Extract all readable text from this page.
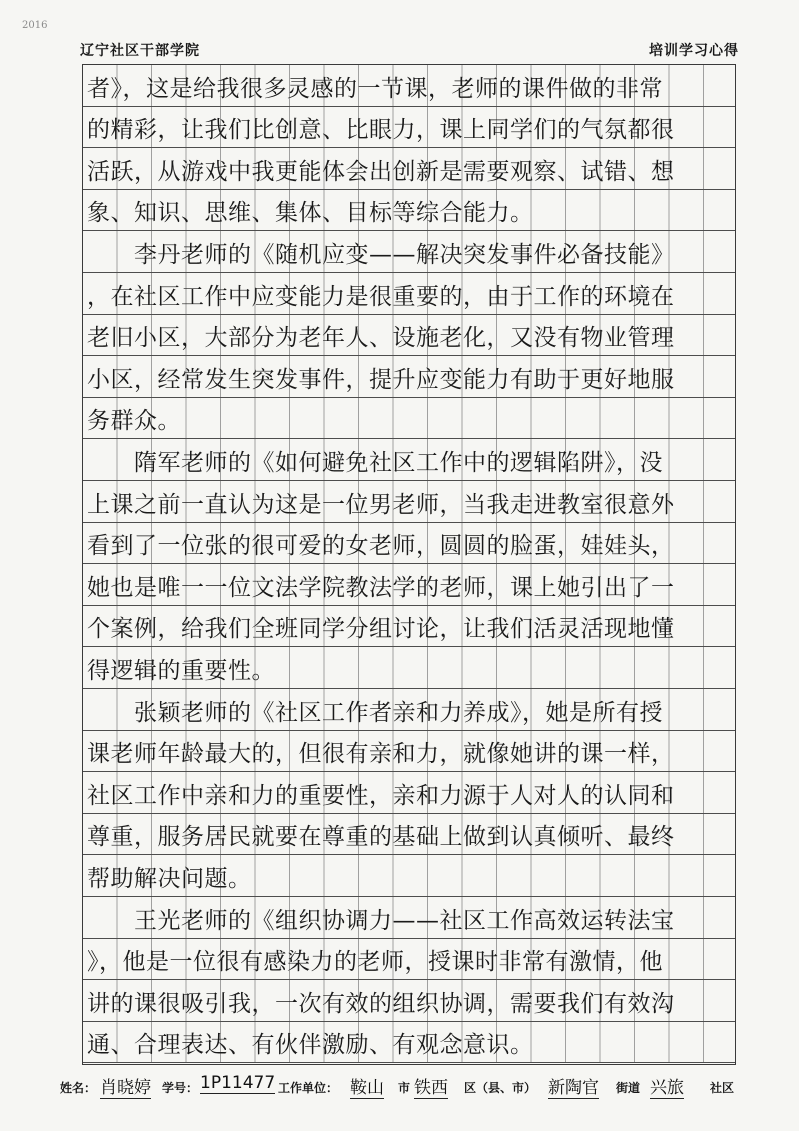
2016
辽宁社区干部学院	培训学习心得
者》，这是给我很多灵感的一节课，老师的课件做的非常
的精彩，让我们比创意、比眼力，课上同学们的气氛都很
活跃，从游戏中我更能体会出创新是需要观察、试错、想
象、知识、思维、集体、目标等综合能力。
　　李丹老师的《随机应变——解决突发事件必备技能》
，在社区工作中应变能力是很重要的，由于工作的环境在
老旧小区，大部分为老年人、设施老化，又没有物业管理
小区，经常发生突发事件，提升应变能力有助于更好地服
务群众。
　　隋军老师的《如何避免社区工作中的逻辑陷阱》，没
上课之前一直认为这是一位男老师，当我走进教室很意外
看到了一位张的很可爱的女老师，圆圆的脸蛋，娃娃头，
她也是唯一一位文法学院教法学的老师，课上她引出了一
个案例，给我们全班同学分组讨论，让我们活灵活现地懂
得逻辑的重要性。
　　张颖老师的《社区工作者亲和力养成》，她是所有授
课老师年龄最大的，但很有亲和力，就像她讲的课一样，
社区工作中亲和力的重要性，亲和力源于人对人的认同和
尊重，服务居民就要在尊重的基础上做到认真倾听、最终
帮助解决问题。
　　王光老师的《组织协调力——社区工作高效运转法宝
》，他是一位很有感染力的老师，授课时非常有激情，他
讲的课很吸引我，一次有效的组织协调，需要我们有效沟
通、合理表达、有伙伴激励、有观念意识。
姓名： 肖晓婷 学号： 1P11477 工作单位： 鞍山 市 铁西 区（县、市） 新陶官 街道 兴旅 社区
